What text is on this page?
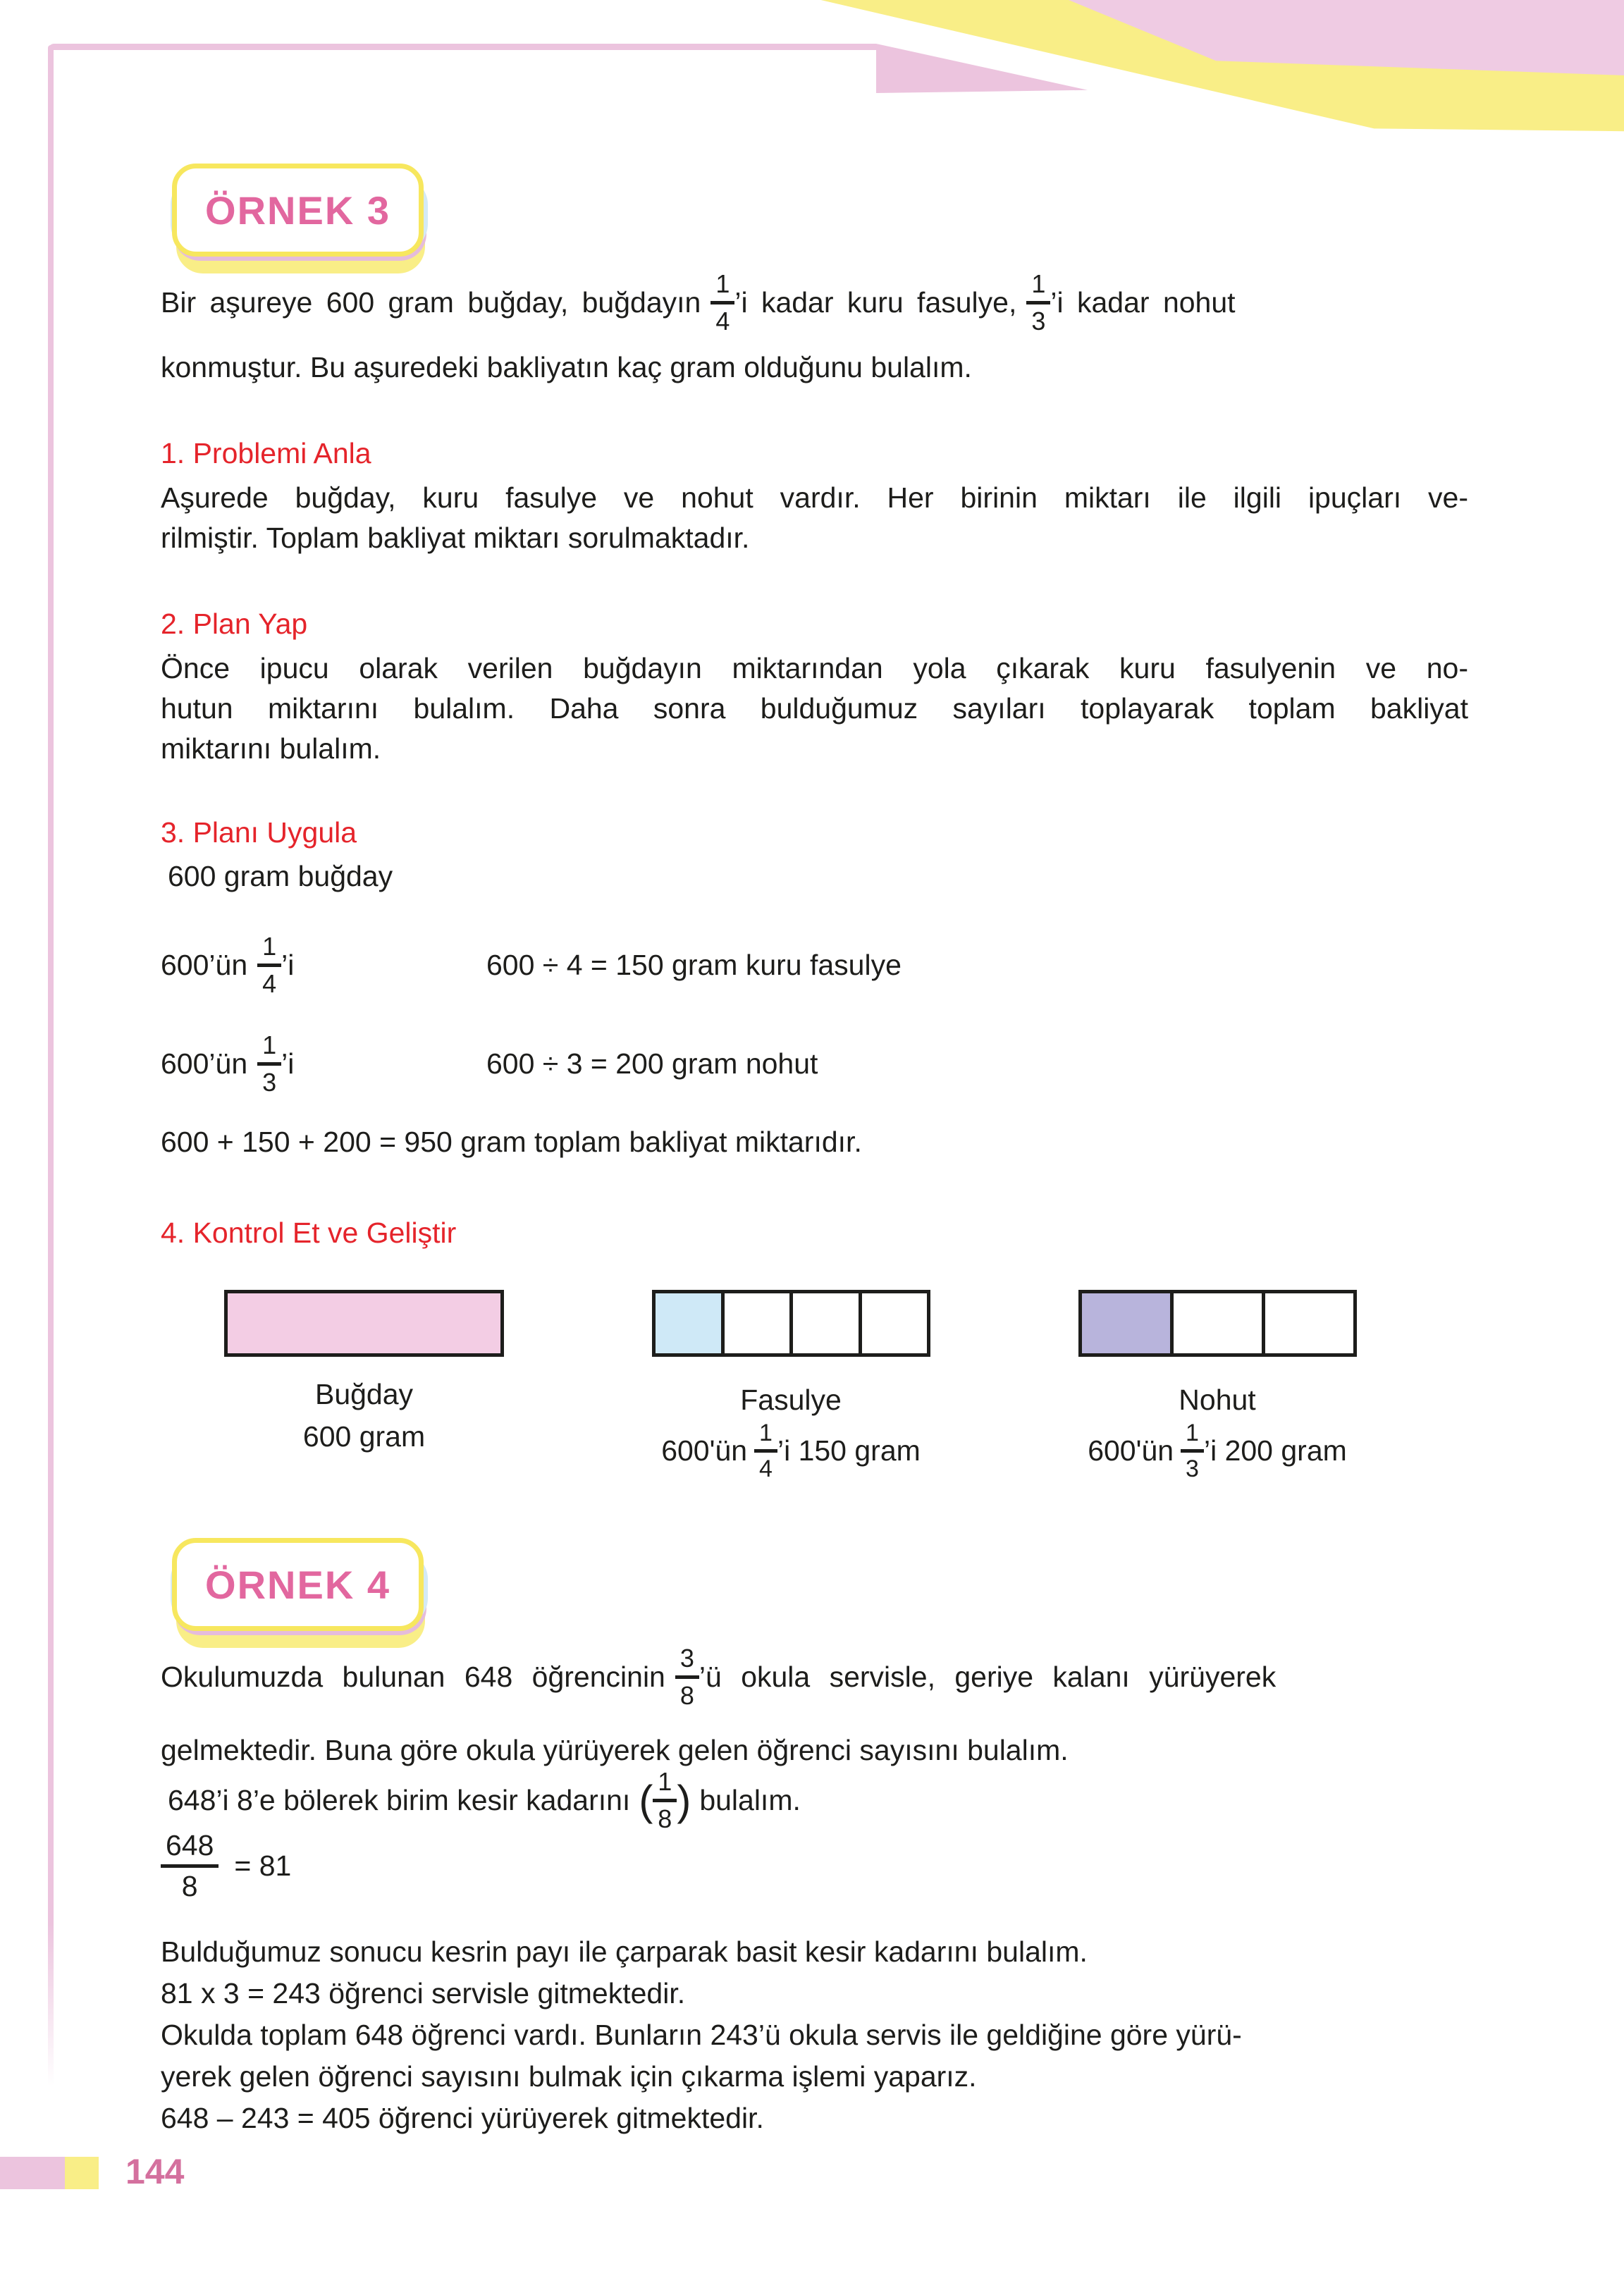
ÖRNEK 3
Bir aşureye 600 gram buğday, buğdayın
1
4
’i kadar kuru fasulye,
1
3
’i kadar nohut
konmuştur. Bu aşuredeki bakliyatın kaç gram olduğunu bulalım.
1. Problemi Anla
Aşurede buğday, kuru fasulye ve nohut vardır. Her birinin miktarı ile ilgili ipuçları ve-
rilmiştir. Toplam bakliyat miktarı sorulmaktadır.
2. Plan Yap
Önce ipucu olarak verilen buğdayın miktarından yola çıkarak kuru fasulyenin ve no-
hutun miktarını bulalım. Daha sonra bulduğumuz sayıları toplayarak toplam bakliyat
miktarını bulalım.
3. Planı Uygula
600 gram buğday
600’ün
1
4
’i	600 ÷ 4 = 150 gram kuru fasulye
600’ün
1
3
’i	600 ÷ 3 = 200 gram nohut
600 + 150 + 200 = 950 gram toplam bakliyat miktarıdır.
4. Kontrol Et ve Geliştir
Buğday
600 gram
Fasulye
600'ün
1
4
’i 150 gram
Nohut
600'ün
1
3
’i 200 gram
ÖRNEK 4
Okulumuzda bulunan 648 öğrencinin
3
8
’ü okula servisle, geriye kalanı yürüyerek
gelmektedir. Buna göre okula yürüyerek gelen öğrenci sayısını bulalım.
648’i 8’e bölerek birim kesir kadarını ( 1
8 ) bulalım.
648
8
= 81
Bulduğumuz sonucu kesrin payı ile çarparak basit kesir kadarını bulalım.
81 x 3 = 243 öğrenci servisle gitmektedir.
Okulda toplam 648 öğrenci vardı. Bunların 243’ü okula servis ile geldiğine göre yürü-
yerek gelen öğrenci sayısını bulmak için çıkarma işlemi yaparız.
648 – 243 = 405 öğrenci yürüyerek gitmektedir.
144
